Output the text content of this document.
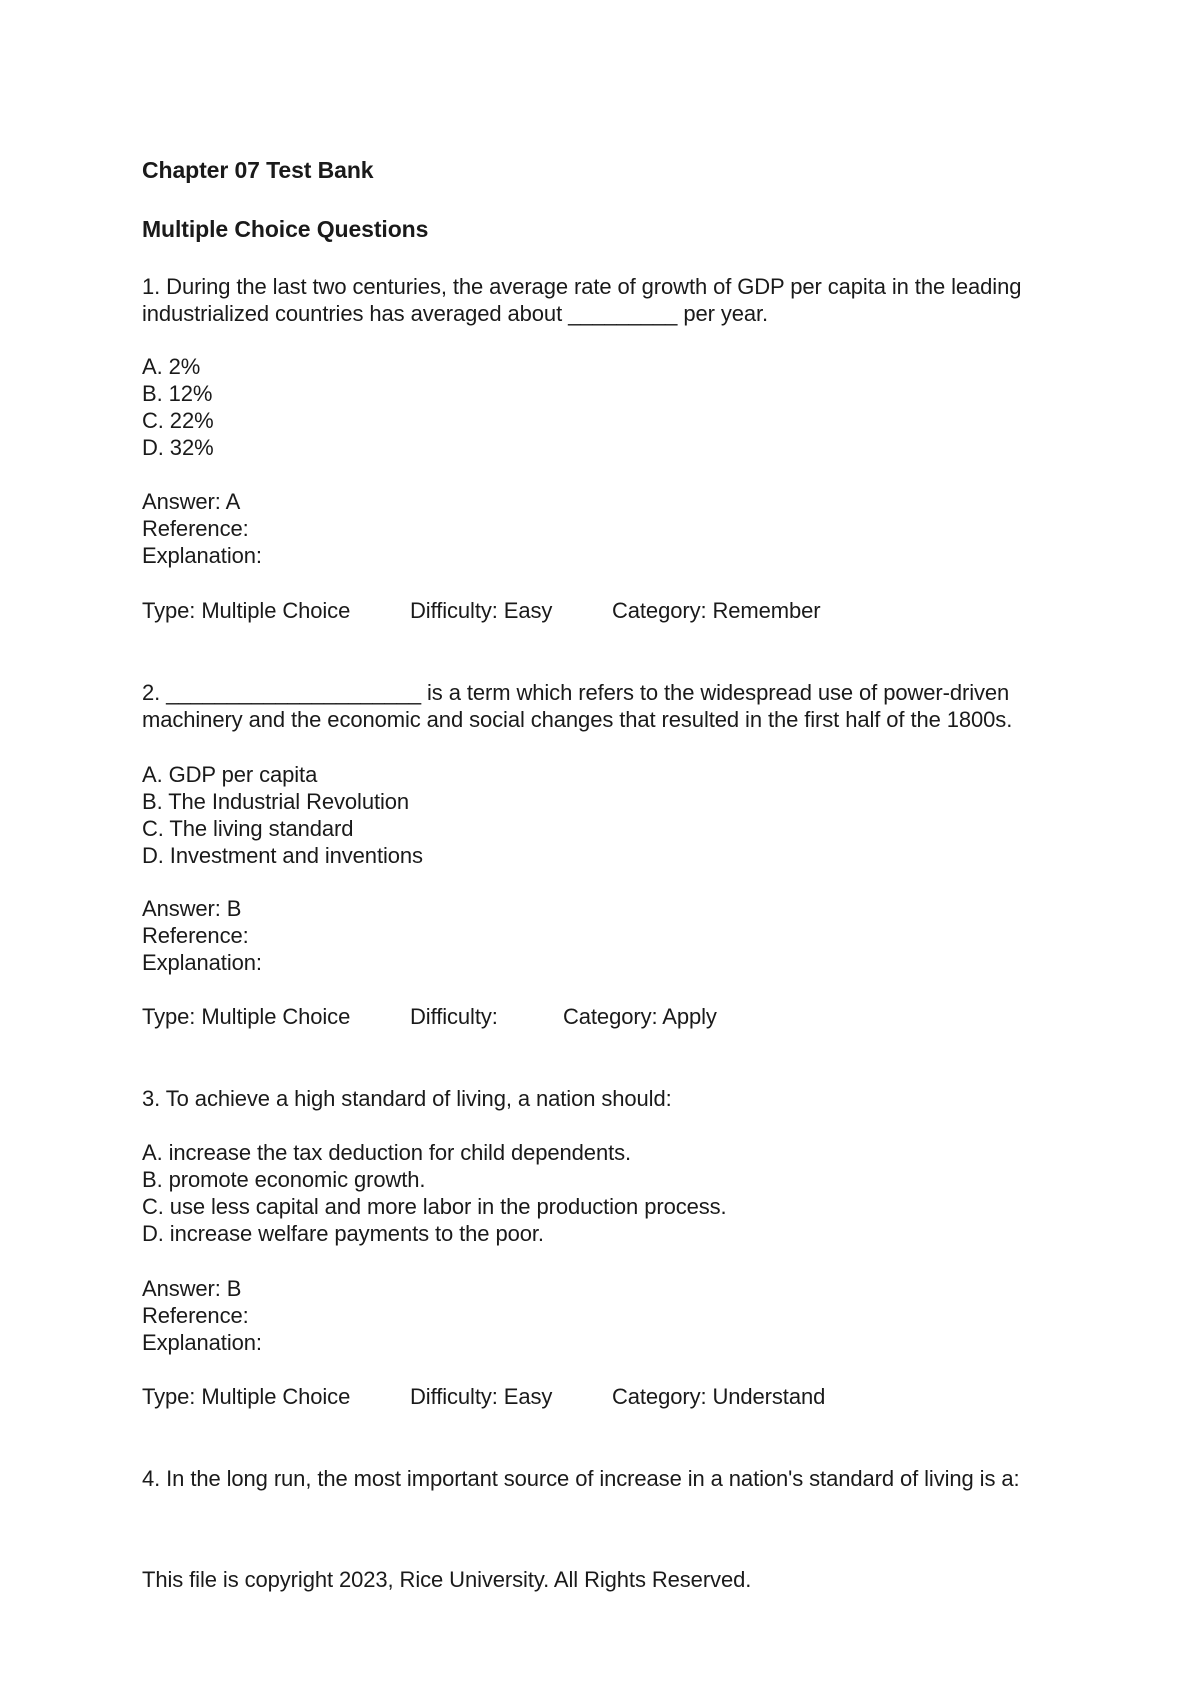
Chapter 07 Test Bank
Multiple Choice Questions
1. During the last two centuries, the average rate of growth of GDP per capita in the leading
industrialized countries has averaged about _________ per year.
A. 2%
B. 12%
C. 22%
D. 32%
Answer: A
Reference:
Explanation:
Type: Multiple Choice	Difficulty: Easy	Category: Remember
2. _____________________ is a term which refers to the widespread use of power-driven
machinery and the economic and social changes that resulted in the first half of the 1800s.
A. GDP per capita
B. The Industrial Revolution
C. The living standard
D. Investment and inventions
Answer: B
Reference:
Explanation:
Type: Multiple Choice	Difficulty:	Category: Apply
3. To achieve a high standard of living, a nation should:
A. increase the tax deduction for child dependents.
B. promote economic growth.
C. use less capital and more labor in the production process.
D. increase welfare payments to the poor.
Answer: B
Reference:
Explanation:
Type: Multiple Choice	Difficulty: Easy	Category: Understand
4. In the long run, the most important source of increase in a nation's standard of living is a:
This file is copyright 2023, Rice University. All Rights Reserved.
